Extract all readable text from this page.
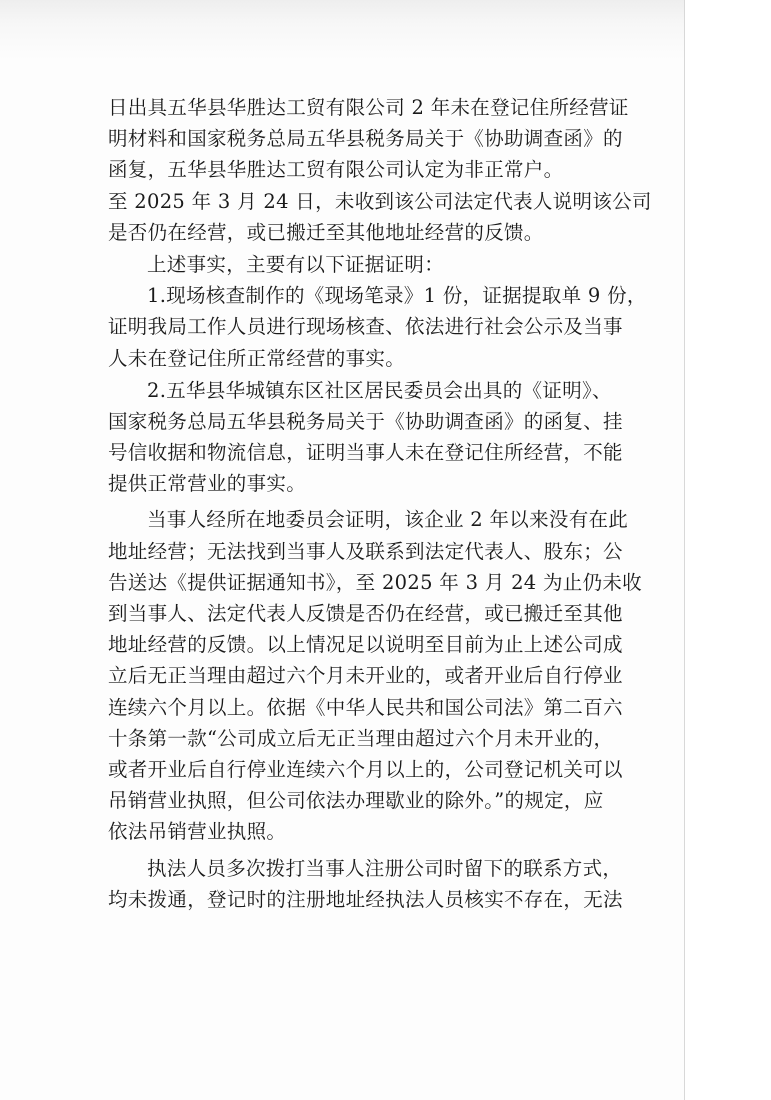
日出具五华县华胜达工贸有限公司 2 年未在登记住所经营证
明材料和国家税务总局五华县税务局关于《协助调查函》的
函复，五华县华胜达工贸有限公司认定为非正常户。
至 2025 年 3 月 24 日，未收到该公司法定代表人说明该公司
是否仍在经营，或已搬迁至其他地址经营的反馈。
上述事实，主要有以下证据证明：
1.现场核查制作的《现场笔录》1 份，证据提取单 9 份，
证明我局工作人员进行现场核查、依法进行社会公示及当事
人未在登记住所正常经营的事实。
2.五华县华城镇东区社区居民委员会出具的《证明》、
国家税务总局五华县税务局关于《协助调查函》的函复、挂
号信收据和物流信息，证明当事人未在登记住所经营，不能
提供正常营业的事实。
当事人经所在地委员会证明，该企业 2 年以来没有在此
地址经营；无法找到当事人及联系到法定代表人、股东；公
告送达《提供证据通知书》，至 2025 年 3 月 24 为止仍未收
到当事人、法定代表人反馈是否仍在经营，或已搬迁至其他
地址经营的反馈。以上情况足以说明至目前为止上述公司成
立后无正当理由超过六个月未开业的，或者开业后自行停业
连续六个月以上。依据《中华人民共和国公司法》第二百六
十条第一款“公司成立后无正当理由超过六个月未开业的，
或者开业后自行停业连续六个月以上的，公司登记机关可以
吊销营业执照，但公司依法办理歇业的除外。”的规定，应
依法吊销营业执照。
执法人员多次拨打当事人注册公司时留下的联系方式，
均未拨通，登记时的注册地址经执法人员核实不存在，无法
